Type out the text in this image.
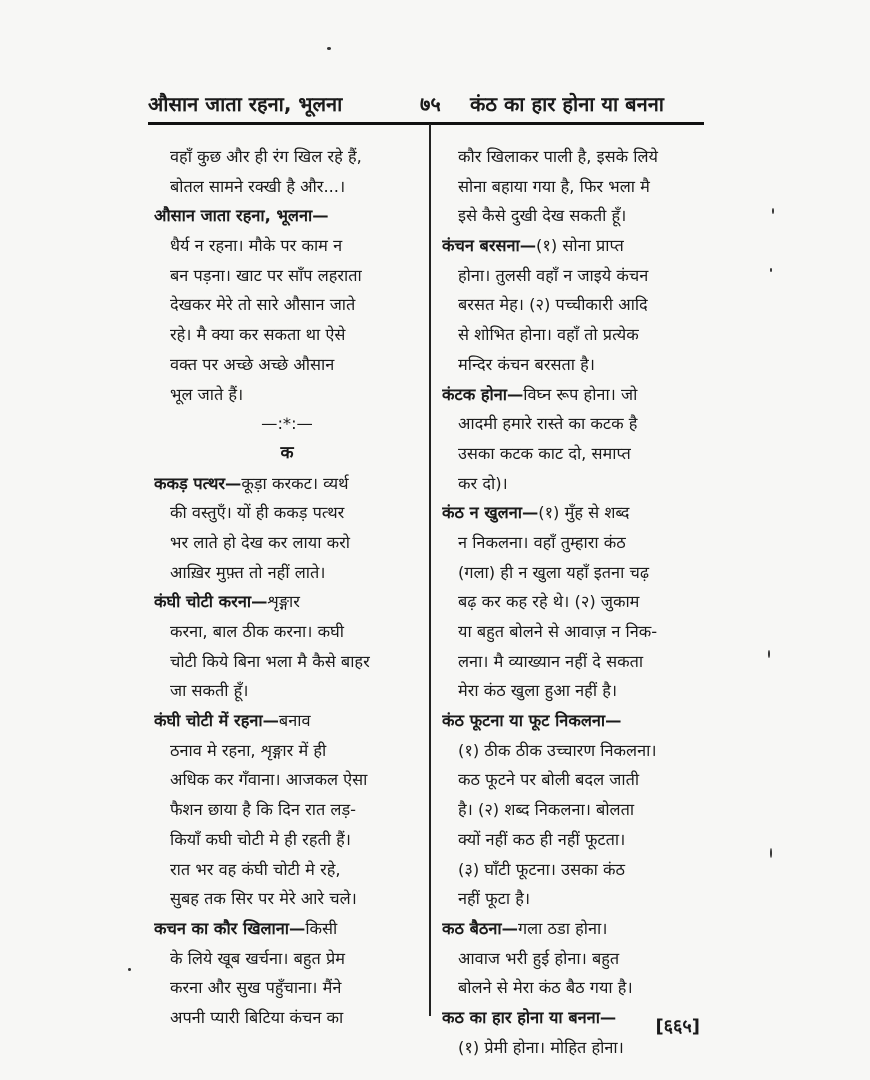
औसान जाता रहना, भूलना	७५ कंठ का हार होना या बनना
वहाँ कुछ और ही रंग खिल रहे हैं,
बोतल सामने रक्खी है और...।
औसान जाता रहना, भूलना—
धैर्य न रहना। मौके पर काम न
बन पड़ना। खाट पर साँप लहराता
देखकर मेरे तो सारे औसान जाते
रहे। मै क्या कर सकता था ऐसे
वक्त पर अच्छे अच्छे औसान
भूल जाते हैं।
—:*:—
क
ककड़ पत्थर—कूड़ा करकट। व्यर्थ
की वस्तुएँ। यों ही ककड़ पत्थर
भर लाते हो देख कर लाया करो
आख़िर मुफ़्त तो नहीं लाते।
कंघी चोटी करना—शृङ्गार
करना, बाल ठीक करना। कघी
चोटी किये बिना भला मै कैसे बाहर
जा सकती हूँ।
कंघी चोटी में रहना—बनाव
ठनाव मे रहना, शृङ्गार में ही
अधिक कर गँवाना। आजकल ऐसा
फैशन छाया है कि दिन रात लड़-
कियाँ कघी चोटी मे ही रहती हैं।
रात भर वह कंघी चोटी मे रहे,
सुबह तक सिर पर मेरे आरे चले।
कचन का कौर खिलाना—किसी
के लिये खूब खर्चना। बहुत प्रेम
करना और सुख पहुँचाना। मैंने
अपनी प्यारी बिटिया कंचन का
कौर खिलाकर पाली है, इसके लिये
सोना बहाया गया है, फिर भला मै
इसे कैसे दुखी देख सकती हूँ।
कंचन बरसना—(१) सोना प्राप्त
होना। तुलसी वहाँ न जाइये कंचन
बरसत मेह। (२) पच्चीकारी आदि
से शोभित होना। वहाँ तो प्रत्येक
मन्दिर कंचन बरसता है।
कंटक होना—विघ्न रूप होना। जो
आदमी हमारे रास्ते का कटक है
उसका कटक काट दो, समाप्त
कर दो)।
कंठ न खुलना—(१) मुँह से शब्द
न निकलना। वहाँ तुम्हारा कंठ
(गला) ही न खुला यहाँ इतना चढ़
बढ़ कर कह रहे थे। (२) जुकाम
या बहुत बोलने से आवाज़ न निक-
लना। मै व्याख्यान नहीं दे सकता
मेरा कंठ खुला हुआ नहीं है।
कंठ फूटना या फूट निकलना—
(१) ठीक ठीक उच्चारण निकलना।
कठ फूटने पर बोली बदल जाती
है। (२) शब्द निकलना। बोलता
क्यों नहीं कठ ही नहीं फूटता।
(३) घाँटी फूटना। उसका कंठ
नहीं फूटा है।
कठ बैठना—गला ठडा होना।
आवाज भरी हुई होना। बहुत
बोलने से मेरा कंठ बैठ गया है।
कठ का हार होना या बनना—
(१) प्रेमी होना। मोहित होना।
[६६५]
